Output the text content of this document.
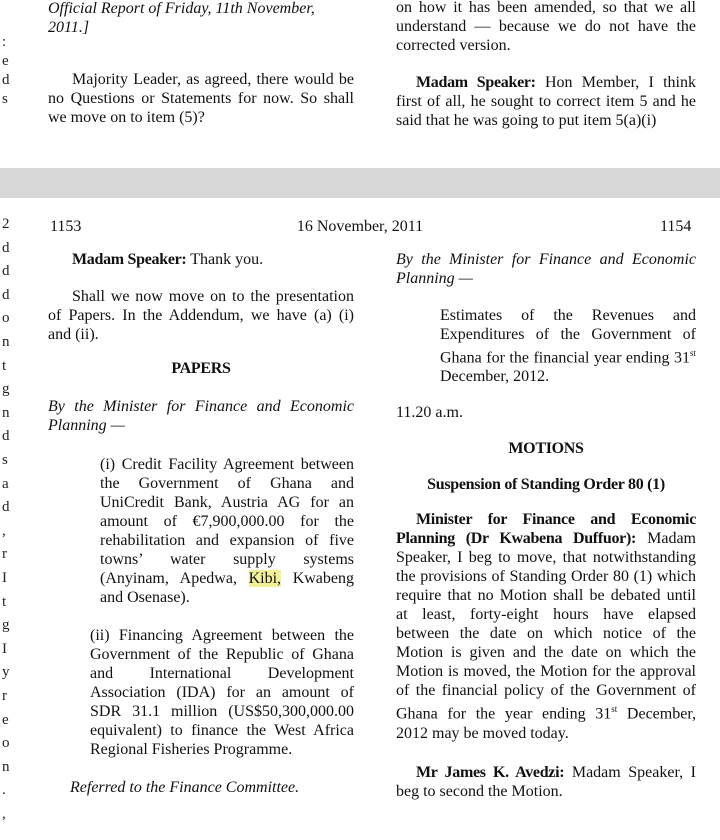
:
e
d
s

Official Report of Friday, 11th November, 2011.]

Majority Leader, as agreed, there would be no Questions or Statements for now. So shall we move on to item (5)?

on how it has been amended, so that we all understand — because we do not have the corrected version.

Madam Speaker: Hon Member, I think first of all, he sought to correct item 5 and he said that he was going to put item 5(a)(i)

2
d
d
d
o
n
t
g
n
d
s
a
d
,
r
I
t
g
I
y
r
e
o
n
.
,
1153	16 November, 2011	1154

Madam Speaker: Thank you.

Shall we now move on to the presentation of Papers. In the Addendum, we have (a) (i) and (ii).

PAPERS

By the Minister for Finance and Economic Planning —

(i) Credit Facility Agreement between the Government of Ghana and UniCredit Bank, Austria AG for an amount of €7,900,000.00 for the rehabilitation and expansion of five towns’ water supply systems (Anyinam, Apedwa, Kibi, Kwabeng and Osenase).

(ii) Financing Agreement between the Government of the Republic of Ghana and International Development Association (IDA) for an amount of SDR 31.1 million (US$50,300,000.00 equivalent) to finance the West Africa Regional Fisheries Programme.

Referred to the Finance Committee.

By the Minister for Finance and Economic Planning —

Estimates of the Revenues and Expenditures of the Government of Ghana for the financial year ending 31st December, 2012.

11.20 a.m.

MOTIONS

Suspension of Standing Order 80 (1)

Minister for Finance and Economic Planning (Dr Kwabena Duffuor): Madam Speaker, I beg to move, that notwithstanding the provisions of Standing Order 80 (1) which require that no Motion shall be debated until at least, forty-eight hours have elapsed between the date on which notice of the Motion is given and the date on which the Motion is moved, the Motion for the approval of the financial policy of the Government of Ghana for the year ending 31st December, 2012 may be moved today.

Mr James K. Avedzi: Madam Speaker, I beg to second the Motion.
